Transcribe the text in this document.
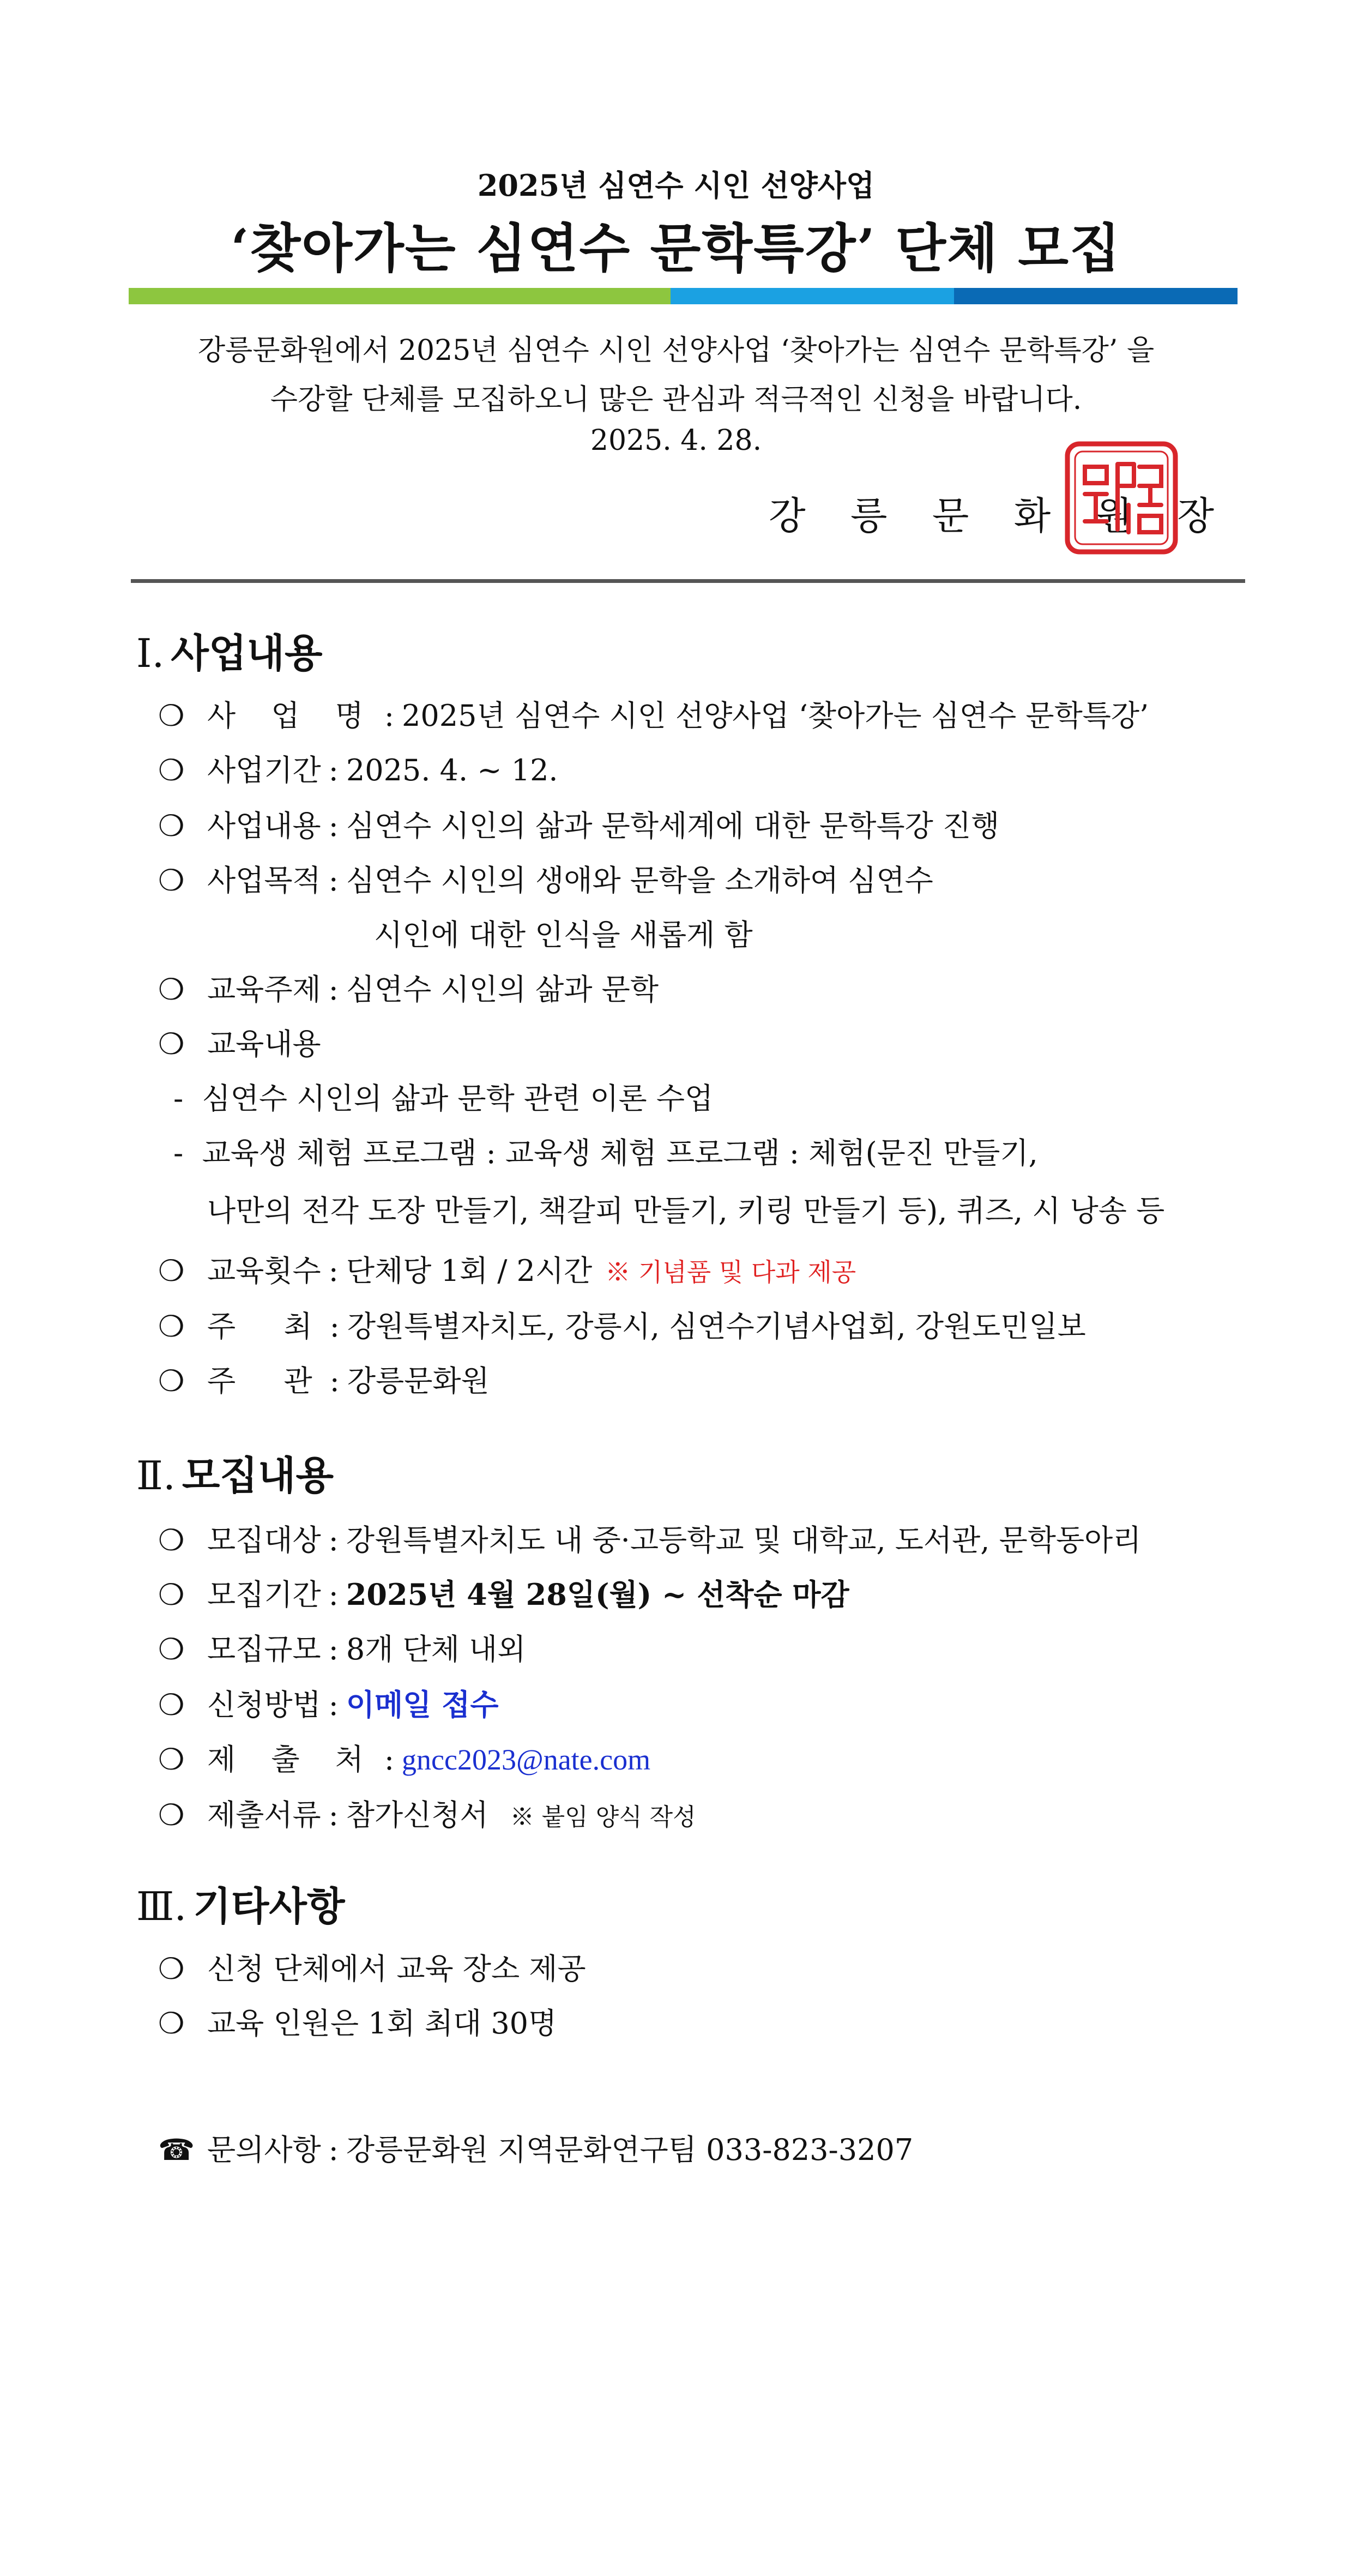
2025년 심연수 시인 선양사업
‘찾아가는 심연수 문학특강’ 단체 모집
강릉문화원에서 2025년 심연수 시인 선양사업 ‘찾아가는 심연수 문학특강’ 을
수강할 단체를 모집하오니 많은 관심과 적극적인 신청을 바랍니다.
2025. 4. 28.
강 릉 문 화 원 장
Ⅰ. 사업내용
❍ 사 업 명 : 2025년 심연수 시인 선양사업 ‘찾아가는 심연수 문학특강’
❍ 사업기간 : 2025. 4. ~ 12.
❍ 사업내용 : 심연수 시인의 삶과 문학세계에 대한 문학특강 진행
❍ 사업목적 : 심연수 시인의 생애와 문학을 소개하여 심연수
시인에 대한 인식을 새롭게 함
❍ 교육주제 : 심연수 시인의 삶과 문학
❍ 교육내용
- 심연수 시인의 삶과 문학 관련 이론 수업
- 교육생 체험 프로그램 : 교육생 체험 프로그램 : 체험(문진 만들기,
나만의 전각 도장 만들기, 책갈피 만들기, 키링 만들기 등), 퀴즈, 시 낭송 등
❍ 교육횟수 : 단체당 1회 / 2시간 ※ 기념품 및 다과 제공
❍ 주  최 : 강원특별자치도, 강릉시, 심연수기념사업회, 강원도민일보
❍ 주  관 : 강릉문화원
Ⅱ. 모집내용
❍ 모집대상 : 강원특별자치도 내 중·고등학교 및 대학교, 도서관, 문학동아리
❍ 모집기간 : 2025년 4월 28일(월) ~ 선착순 마감
❍ 모집규모 : 8개 단체 내외
❍ 신청방법 : 이메일 접수
❍ 제 출 처 : gncc2023@nate.com
❍ 제출서류 : 참가신청서 ※ 붙임 양식 작성
Ⅲ. 기타사항
❍ 신청 단체에서 교육 장소 제공
❍ 교육 인원은 1회 최대 30명
☎ 문의사항 : 강릉문화원 지역문화연구팀 033-823-3207
